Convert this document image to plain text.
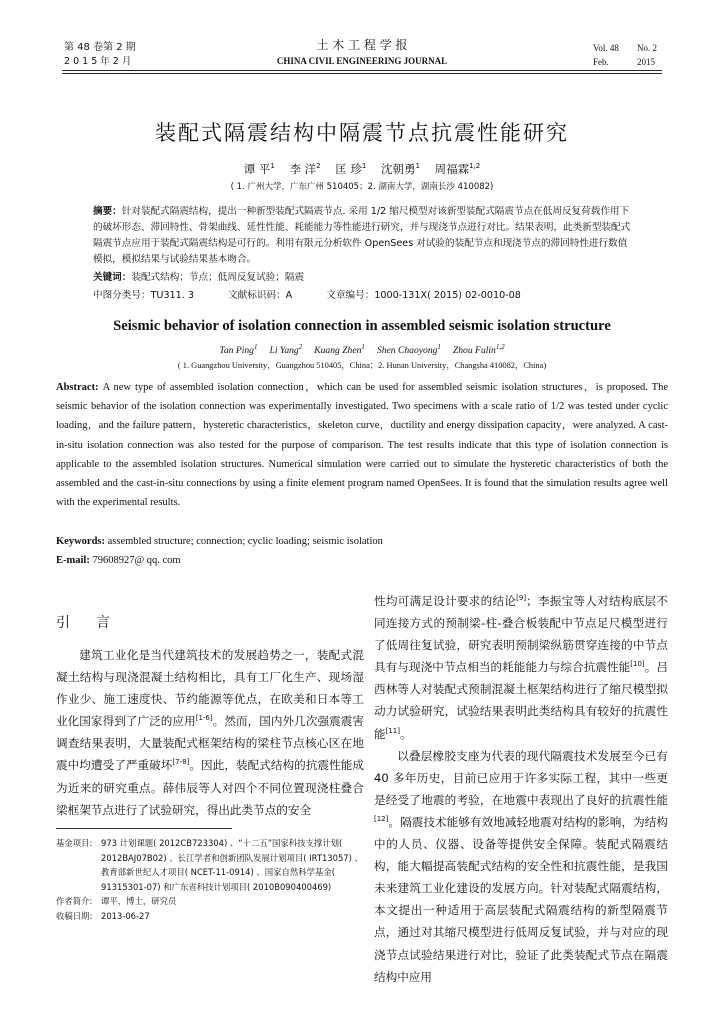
第 48 卷第 2 期
2 0 1 5 年 2 月
土 木 工 程 学 报
CHINA CIVIL ENGINEERING JOURNAL
Vol. 48 No. 2
Feb.	2015
装配式隔震结构中隔震节点抗震性能研究
谭 平$^1$ 李 洋$^2$ 匡 珍$^1$ 沈朝勇$^1$ 周福霖$^{1,2}$
( 1. 广州大学，广东广州 510405；2. 湖南大学，湖南长沙 410082)
摘要：针对装配式隔震结构，提出一种新型装配式隔震节点. 采用 1/2 缩尺模型对该新型装配式隔震节点在低周反复荷载作用下的破坏形态、滞回特性、骨架曲线、延性性能、耗能能力等性能进行研究，并与现浇节点进行对比。结果表明，此类新型装配式隔震节点应用于装配式隔震结构是可行的。利用有限元分析软件 OpenSees 对试验的装配节点和现浇节点的滞回特性进行数值模拟，模拟结果与试验结果基本吻合。
关键词：装配式结构；节点；低周反复试验；隔震
中图分类号：TU311. 3	文献标识码：A	文章编号：1000-131X( 2015) 02-0010-08
Seismic behavior of isolation connection in assembled seismic isolation structure
Tan Ping$^1$ Li Yang$^2$ Kuang Zhen$^1$ Shen Chaoyong$^1$ Zhou Fulin$^{1,2}$
( 1. Guangzhou University，Guangzhou 510405，China；2. Hunan University，Changsha 410082，China)
Abstract: A new type of assembled isolation connection，which can be used for assembled seismic isolation structures，is proposed. The seismic behavior of the isolation connection was experimentally investigated. Two specimens with a scale ratio of 1/2 was tested under cyclic loading，and the failure pattern，hysteretic characteristics，skeleton curve，ductility and energy dissipation capacity，were analyzed. A cast-in-situ isolation connection was also tested for the purpose of comparison. The test results indicate that this type of isolation connection is applicable to the assembled isolation structures. Numerical simulation were carried out to simulate the hysteretic characteristics of both the assembled and the cast-in-situ connections by using a finite element program named OpenSees. It is found that the simulation results agree well with the experimental results.
Keywords: assembled structure; connection; cyclic loading; seismic isolation
E-mail: 79608927@ qq. com
引言

建筑工业化是当代建筑技术的发展趋势之一，装配式混凝土结构与现浇混凝土结构相比，具有工厂化生产、现场湿作业少、施工速度快、节约能源等优点，在欧美和日本等工业化国家得到了广泛的应用[1-6]。然而，国内外几次强震震害调查结果表明，大量装配式框架结构的梁柱节点核心区在地震中均遭受了严重破坏[7-8]。因此，装配式结构的抗震性能成为近来的研究重点。薛伟辰等人对四个不同位置现浇柱叠合梁框架节点进行了试验研究，得出此类节点的安全

基金项目:	973 计划课题( 2012CB723304) 、“十二五”国家科技支撑计划( 2012BAJ07B02) 、长江学者和创新团队发展计划项目( IRT13057) 、教育部新世纪人才项目( NCET-11-0914) 、国家自然科学基金( 91315301-07) 和广东省科技计划项目( 2010B090400469)
作者简介:	谭平，博士，研究员
收稿日期:	2013-06-27

性均可满足设计要求的结论[9]；李振宝等人对结构底层不同连接方式的预制梁-柱-叠合板装配中节点足尺模型进行了低周往复试验，研究表明预制梁纵筋贯穿连接的中节点具有与现浇中节点相当的耗能能力与综合抗震性能[10]。吕西林等人对装配式预制混凝土框架结构进行了缩尺模型拟动力试验研究，试验结果表明此类结构具有较好的抗震性能[11]。

以叠层橡胶支座为代表的现代隔震技术发展至今已有 40 多年历史，目前已应用于许多实际工程，其中一些更是经受了地震的考验，在地震中表现出了良好的抗震性能[12]。隔震技术能够有效地减轻地震对结构的影响，为结构中的人员、仪器、设备等提供安全保障。装配式隔震结构，能大幅提高装配式结构的安全性和抗震性能，是我国未来建筑工业化建设的发展方向。针对装配式隔震结构，本文提出一种适用于高层装配式隔震结构的新型隔震节点，通过对其缩尺模型进行低周反复试验，并与对应的现浇节点试验结果进行对比，验证了此类装配式节点在隔震结构中应用
